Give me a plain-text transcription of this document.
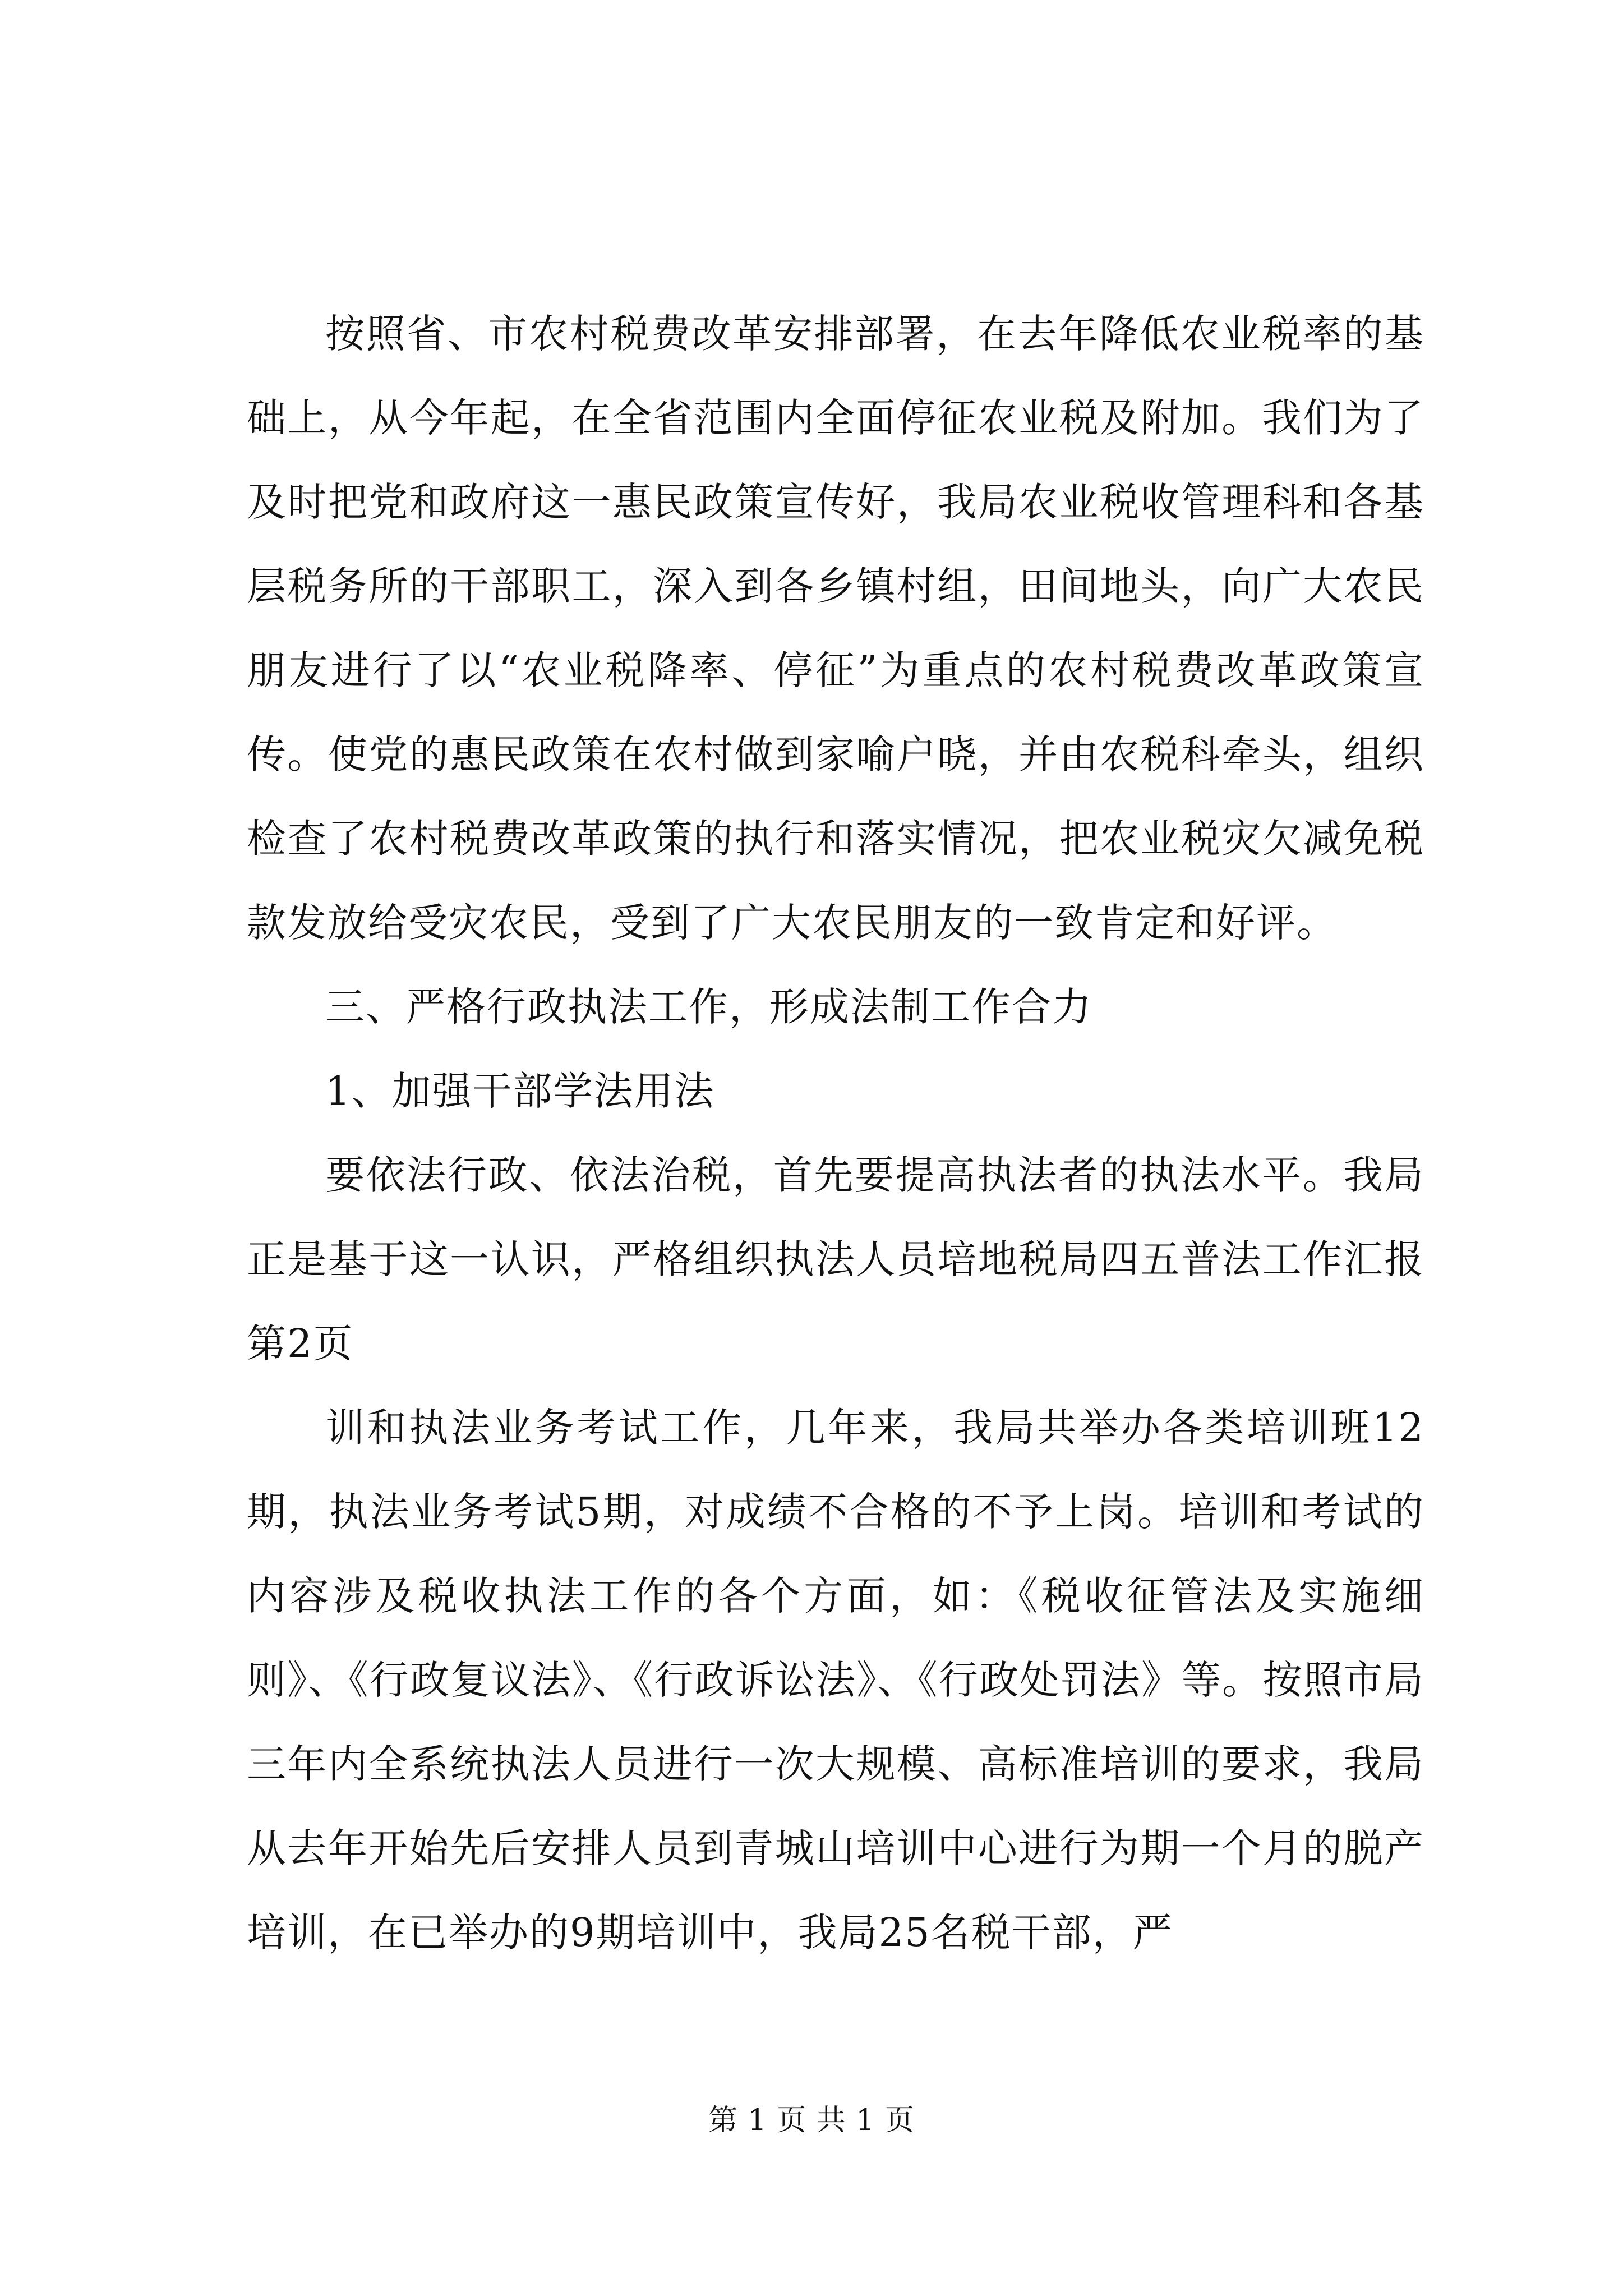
按照省、市农村税费改革安排部署，在去年降低农业税率的基础上，从今年起，在全省范围内全面停征农业税及附加。我们为了及时把党和政府这一惠民政策宣传好，我局农业税收管理科和各基层税务所的干部职工，深入到各乡镇村组，田间地头，向广大农民朋友进行了以“农业税降率、停征”为重点的农村税费改革政策宣传。使党的惠民政策在农村做到家喻户晓，并由农税科牵头，组织检查了农村税费改革政策的执行和落实情况，把农业税灾欠减免税款发放给受灾农民，受到了广大农民朋友的一致肯定和好评。

三、严格行政执法工作，形成法制工作合力

1、加强干部学法用法

要依法行政、依法治税，首先要提高执法者的执法水平。我局正是基于这一认识，严格组织执法人员培地税局四五普法工作汇报第2页

训和执法业务考试工作，几年来，我局共举办各类培训班12期，执法业务考试5期，对成绩不合格的不予上岗。培训和考试的内容涉及税收执法工作的各个方面，如：《税收征管法及实施细则》、《行政复议法》、《行政诉讼法》、《行政处罚法》等。按照市局三年内全系统执法人员进行一次大规模、高标准培训的要求，我局从去年开始先后安排人员到青城山培训中心进行为期一个月的脱产培训，在已举办的9期培训中，我局25名税干部，严

第 1 页 共 1 页
